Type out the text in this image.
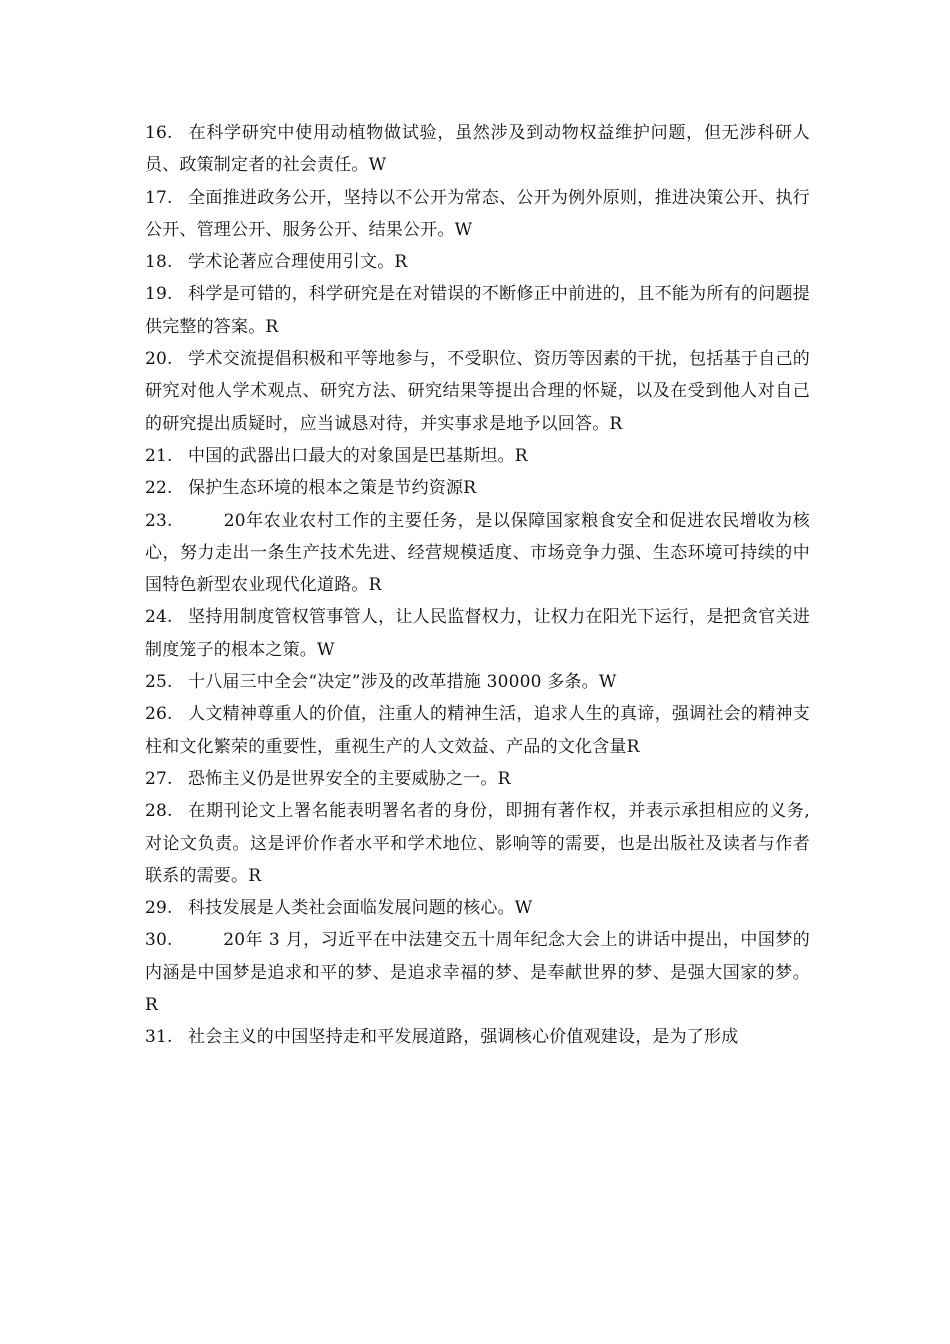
16. 在科学研究中使用动植物做试验，虽然涉及到动物权益维护问题，但无涉科研人员、政策制定者的社会责任。W
17. 全面推进政务公开，坚持以不公开为常态、公开为例外原则，推进决策公开、执行公开、管理公开、服务公开、结果公开。W
18. 学术论著应合理使用引文。R
19. 科学是可错的，科学研究是在对错误的不断修正中前进的，且不能为所有的问题提供完整的答案。R
20. 学术交流提倡积极和平等地参与，不受职位、资历等因素的干扰，包括基于自己的研究对他人学术观点、研究方法、研究结果等提出合理的怀疑，以及在受到他人对自己的研究提出质疑时，应当诚恳对待，并实事求是地予以回答。R
21. 中国的武器出口最大的对象国是巴基斯坦。R
22. 保护生态环境的根本之策是节约资源R
23.　　20年农业农村工作的主要任务，是以保障国家粮食安全和促进农民增收为核心，努力走出一条生产技术先进、经营规模适度、市场竞争力强、生态环境可持续的中国特色新型农业现代化道路。R
24. 坚持用制度管权管事管人，让人民监督权力，让权力在阳光下运行，是把贪官关进制度笼子的根本之策。W
25. 十八届三中全会“决定”涉及的改革措施 30000 多条。W
26. 人文精神尊重人的价值，注重人的精神生活，追求人生的真谛，强调社会的精神支柱和文化繁荣的重要性，重视生产的人文效益、产品的文化含量R
27. 恐怖主义仍是世界安全的主要威胁之一。R
28. 在期刊论文上署名能表明署名者的身份，即拥有著作权，并表示承担相应的义务,对论文负责。这是评价作者水平和学术地位、影响等的需要，也是出版社及读者与作者联系的需要。R
29. 科技发展是人类社会面临发展问题的核心。W
30.　　20年 3 月，习近平在中法建交五十周年纪念大会上的讲话中提出，中国梦的内涵是中国梦是追求和平的梦、是追求幸福的梦、是奉献世界的梦、是强大国家的梦。R
31. 社会主义的中国坚持走和平发展道路，强调核心价值观建设，是为了形成
